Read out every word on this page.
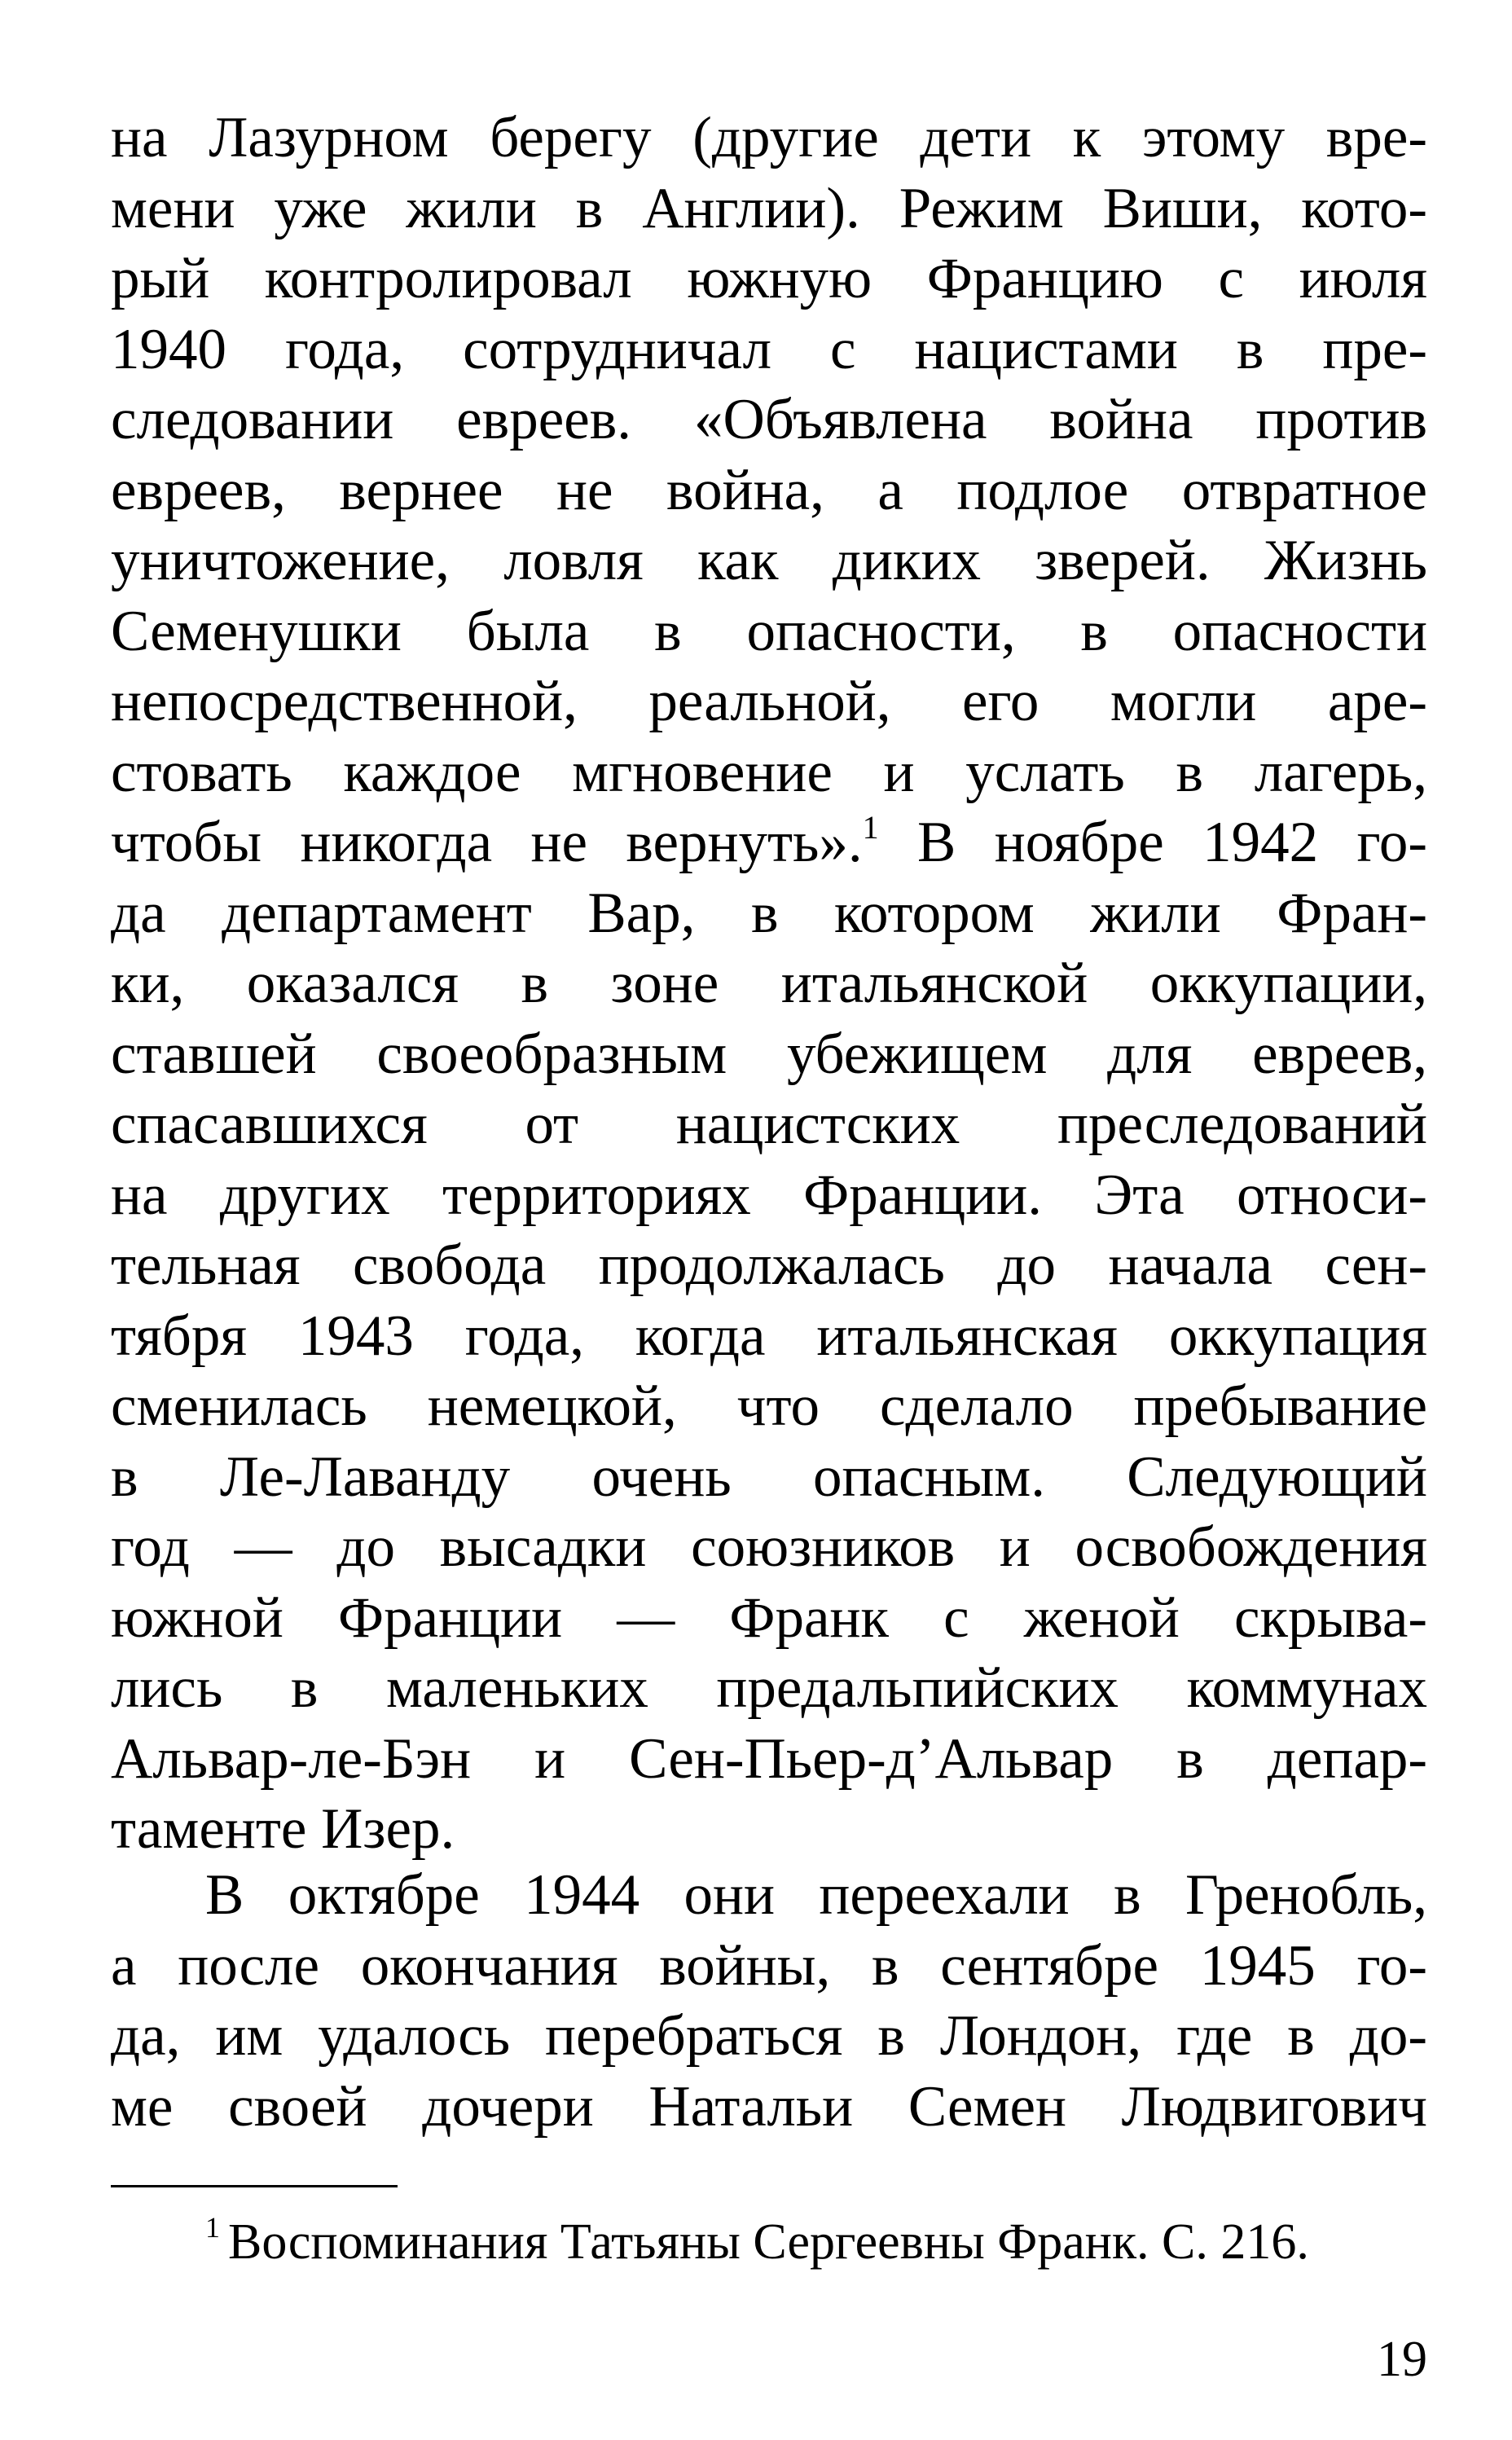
на Лазурном берегу (другие дети к этому вре-
мени уже жили в Англии). Режим Виши, кото-
рый контролировал южную Францию с июля
1940 года, сотрудничал с нацистами в пре-
следовании евреев. «Объявлена война против
евреев, вернее не война, а подлое отвратное
уничтожение, ловля как диких зверей. Жизнь
Семенушки была в опасности, в опасности
непосредственной, реальной, его могли аре-
стовать каждое мгновение и услать в лагерь,
чтобы никогда не вернуть».$^1$ В ноябре 1942 го-
да департамент Вар, в котором жили Фран-
ки, оказался в зоне итальянской оккупации,
ставшей своеобразным убежищем для евреев,
спасавшихся от нацистских преследований
на других территориях Франции. Эта относи-
тельная свобода продолжалась до начала сен-
тября 1943 года, когда итальянская оккупация
сменилась немецкой, что сделало пребывание
в Ле-Лаванду очень опасным. Следующий
год — до высадки союзников и освобождения
южной Франции — Франк с женой скрыва-
лись в маленьких предальпийских коммунах
Альвар-ле-Бэн и Сен-Пьер-д’Альвар в депар-
таменте Изер.
В октябре 1944 они переехали в Гренобль,
а после окончания войны, в сентябре 1945 го-
да, им удалось перебраться в Лондон, где в до-
ме своей дочери Натальи Семен Людвигович
$^1$ Воспоминания Татьяны Сергеевны Франк. С. 216.
19
